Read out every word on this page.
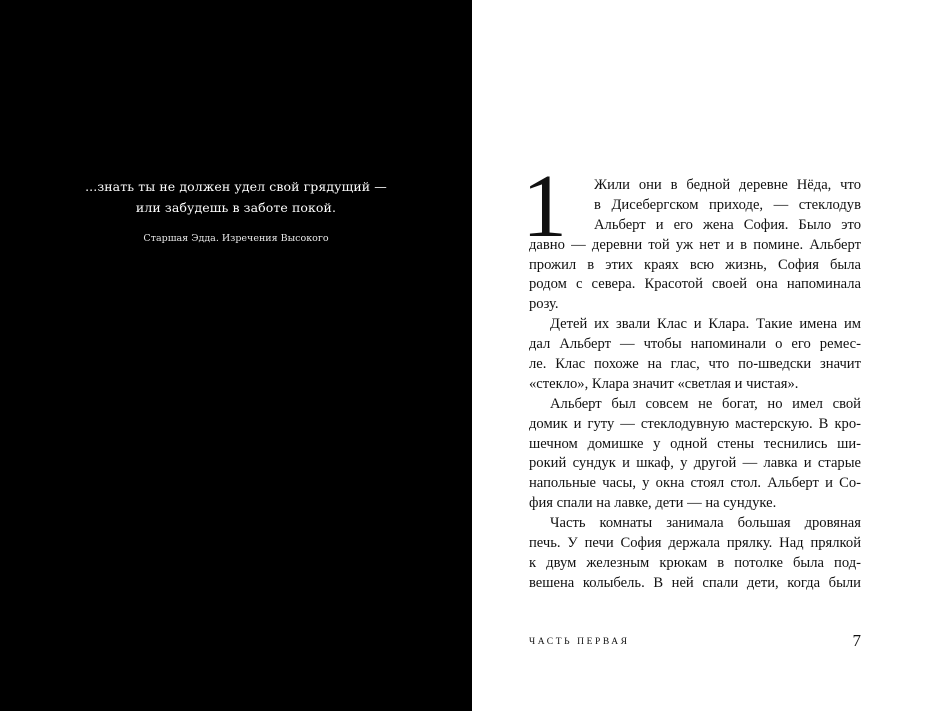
...знать ты не должен удел свой грядущий —
или забудешь в заботе покой.
Старшая Эдда. Изречения Высокого	1 Жили они в бедной деревне Нёда, что
в Дисебергском приходе, — стеклодув
Альберт и его жена София. Было это
давно — деревни той уж нет и в помине. Альберт
прожил в этих краях всю жизнь, София была
родом с севера. Красотой своей она напоминала
розу.
Детей их звали Клас и Клара. Такие имена им
дал Альберт — чтобы напоминали о его ремес-
ле. Клас похоже на глас, что по-шведски значит
«стекло», Клара значит «светлая и чистая».
Альберт был совсем не богат, но имел свой
домик и гуту — стеклодувную мастерскую. В кро-
шечном домишке у одной стены теснились ши-
рокий сундук и шкаф, у другой — лавка и старые
напольные часы, у окна стоял стол. Альберт и Со-
фия спали на лавке, дети — на сундуке.
Часть комнаты занимала большая дровяная
печь. У печи София держала прялку. Над прялкой
к двум железным крюкам в потолке была под-
вешена колыбель. В ней спали дети, когда были
ЧАСТЬ ПЕРВАЯ	7
